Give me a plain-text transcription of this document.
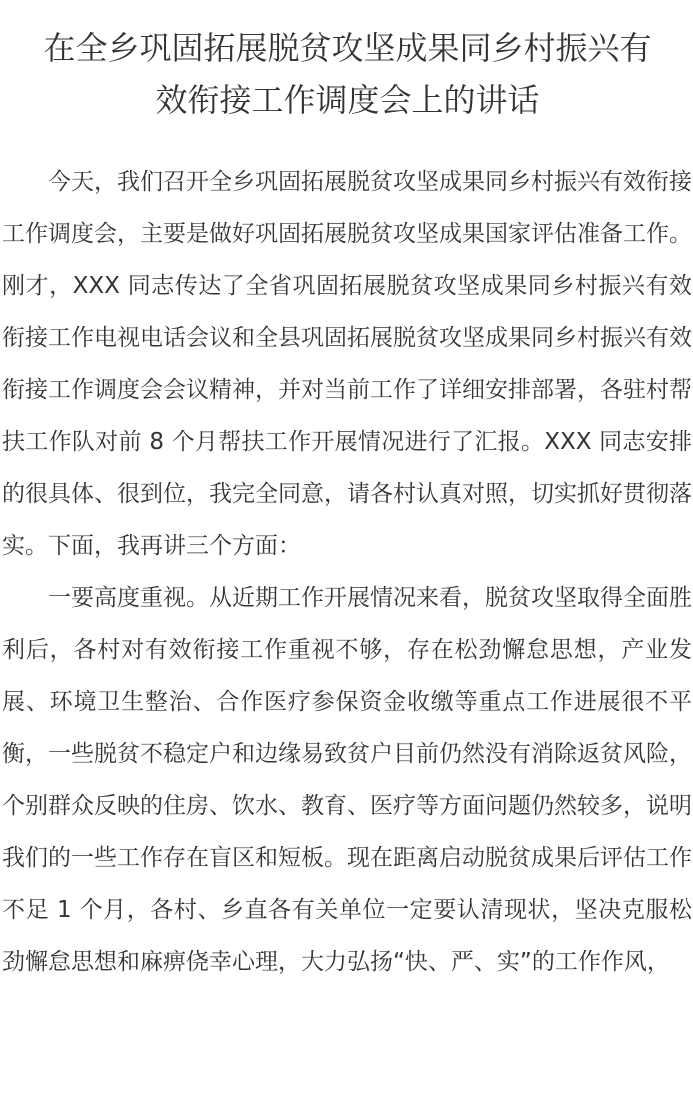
在全乡巩固拓展脱贫攻坚成果同乡村振兴有
效衔接工作调度会上的讲话

今天，我们召开全乡巩固拓展脱贫攻坚成果同乡村振兴有效衔接工作调度会，主要是做好巩固拓展脱贫攻坚成果国家评估准备工作。刚才，XXX 同志传达了全省巩固拓展脱贫攻坚成果同乡村振兴有效衔接工作电视电话会议和全县巩固拓展脱贫攻坚成果同乡村振兴有效衔接工作调度会会议精神，并对当前工作了详细安排部署，各驻村帮扶工作队对前 8 个月帮扶工作开展情况进行了汇报。XXX 同志安排的很具体、很到位，我完全同意，请各村认真对照，切实抓好贯彻落实。下面，我再讲三个方面：

一要高度重视。从近期工作开展情况来看，脱贫攻坚取得全面胜利后，各村对有效衔接工作重视不够，存在松劲懈怠思想，产业发展、环境卫生整治、合作医疗参保资金收缴等重点工作进展很不平衡，一些脱贫不稳定户和边缘易致贫户目前仍然没有消除返贫风险，个别群众反映的住房、饮水、教育、医疗等方面问题仍然较多，说明我们的一些工作存在盲区和短板。现在距离启动脱贫成果后评估工作不足 1 个月，各村、乡直各有关单位一定要认清现状，坚决克服松劲懈怠思想和麻痹侥幸心理，大力弘扬“快、严、实”的工作作风，
